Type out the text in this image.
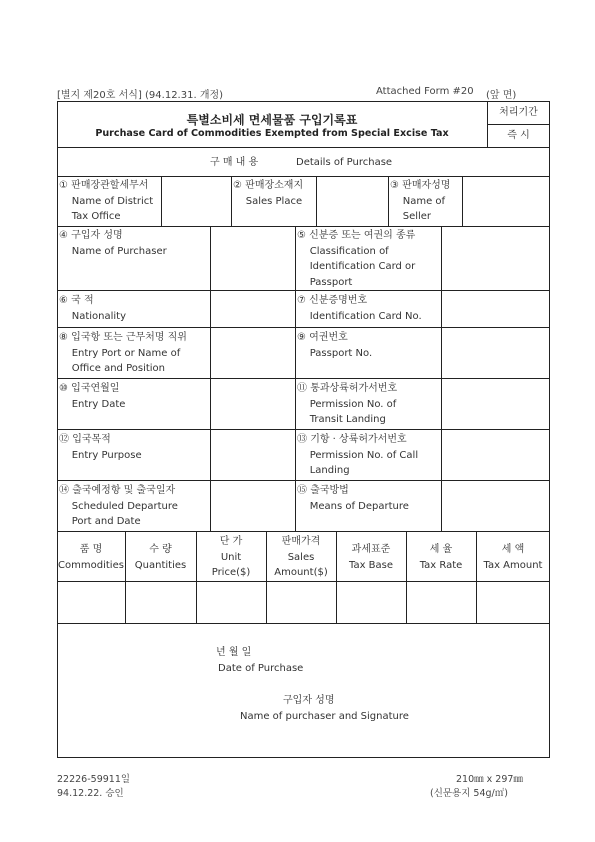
[별지 제20호 서식] (94.12.31. 개정)	Attached Form #20 (앞 면)
특별소비세 면세물품 구입기록표
Purchase Card of Commodities Exempted from Special Excise Tax
처리기간
즉 시
구 매 내 용	Details of Purchase
① 판매장관할세무서
Name of District
Tax Office
② 판매장소재지
Sales Place
③ 판매자성명
Name of
Seller
④ 구입자 성명
Name of Purchaser
⑤ 신분증 또는 여권의 종류
Classification of
Identification Card or
Passport
⑥ 국 적
Nationality
⑦ 신분증명번호
Identification Card No.
⑧ 입국항 또는 근무처명 직위
Entry Port or Name of
Office and Position
⑨ 여권번호
Passport No.
⑩ 입국연월일
Entry Date
⑪ 통과상륙허가서번호
Permission No. of
Transit Landing
⑫ 입국목적
Entry Purpose
⑬ 기항 · 상륙허가서번호
Permission No. of Call
Landing
⑭ 출국예정항 및 출국일자
Scheduled Departure
Port and Date
⑮ 출국방법
Means of Departure
품 명
Commodities
수 량
Quantities
단 가
Unit
Price($)
판매가격
Sales
Amount($)
과세표준
Tax Base
세 율
Tax Rate
세 액
Tax Amount
년 월 일
Date of Purchase
구입자 성명
Name of purchaser and Signature
22226-59911일
94.12.22. 승인
210㎜ x 297㎜
(신문용지 54g/㎡)
